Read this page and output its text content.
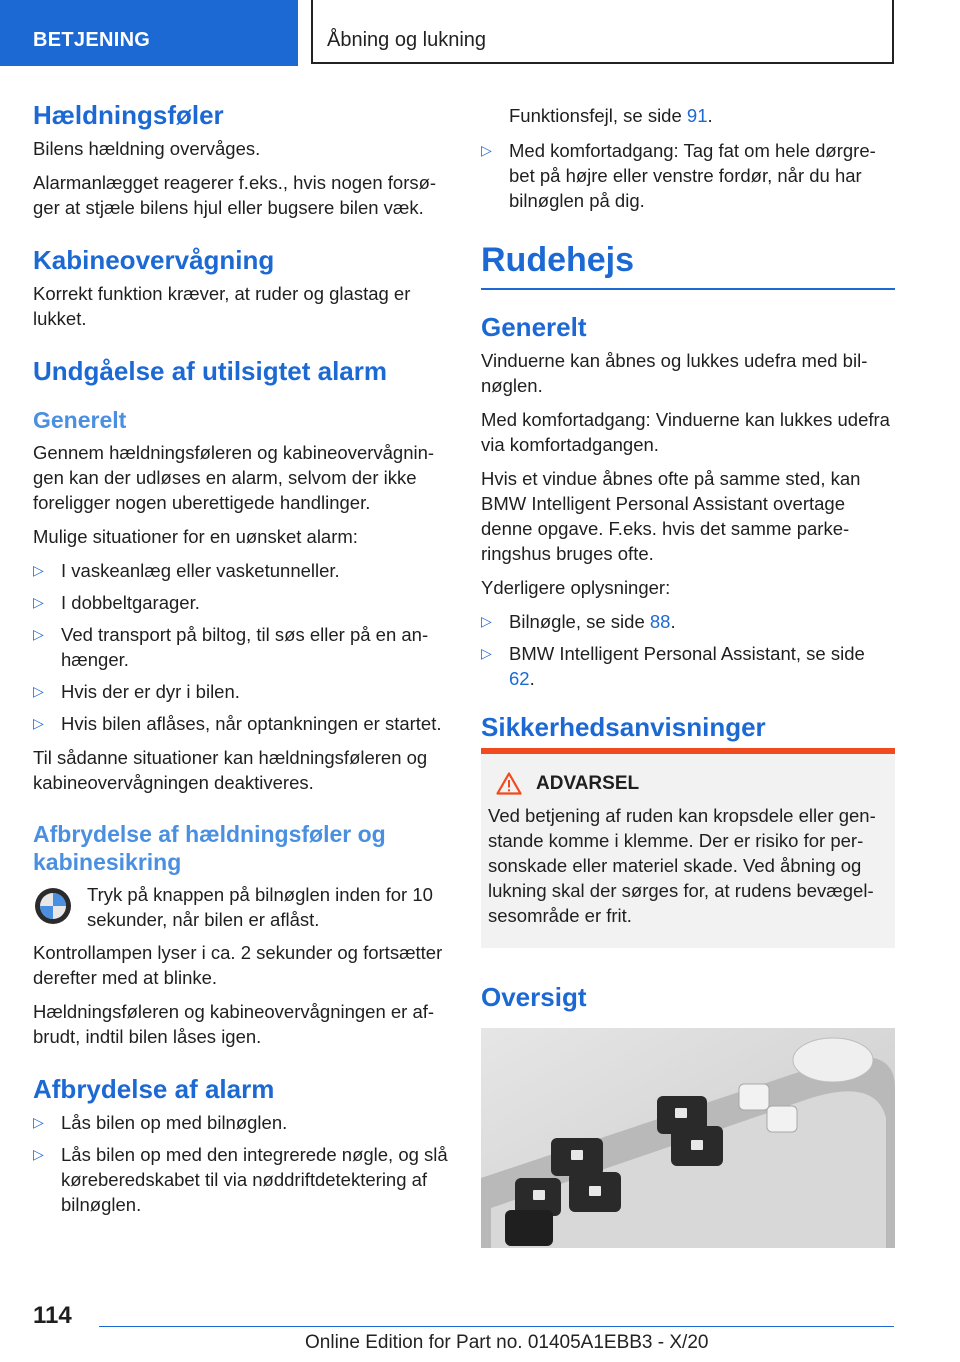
BETJENING	Åbning og lukning
Hældningsføler

Bilens hældning overvåges.

Alarmanlægget reagerer f.eks., hvis nogen forsøger at stjæle bilens hjul eller bugsere bilen væk.

Kabineovervågning

Korrekt funktion kræver, at ruder og glastag er lukket.

Undgåelse af utilsigtet alarm
Generelt

Gennem hældningsføleren og kabineovervågningen kan der udløses en alarm, selvom der ikke foreligger nogen uberettigede handlinger.

Mulige situationer for en uønsket alarm:

▷ I vaskeanlæg eller vasketunneller.
▷ I dobbeltgarager.
▷ Ved transport på biltog, til søs eller på en anhænger.
▷ Hvis der er dyr i bilen.
▷ Hvis bilen aflåses, når optankningen er startet.

Til sådanne situationer kan hældningsføleren og kabineovervågningen deaktiveres.

Afbrydelse af hældningsføler og kabinesikring

Tryk på knappen på bilnøglen inden for 10 sekunder, når bilen er aflåst.

Kontrollampen lyser i ca. 2 sekunder og fortsætter derefter med at blinke.

Hældningsføleren og kabineovervågningen er afbrudt, indtil bilen låses igen.

Afbrydelse af alarm
▷ Lås bilen op med bilnøglen.
▷ Lås bilen op med den integrerede nøgle, og slå køreberedskabet til via nøddriftdetektering af bilnøglen.

Funktionsfejl, se side 91.

▷ Med komfortadgang: Tag fat om hele dørgrebet på højre eller venstre fordør, når du har bilnøglen på dig.
Rudehejs
Generelt

Vinduerne kan åbnes og lukkes udefra med bilnøglen.

Med komfortadgang: Vinduerne kan lukkes udefra via komfortadgangen.

Hvis et vindue åbnes ofte på samme sted, kan BMW Intelligent Personal Assistant overtage denne opgave. F.eks. hvis det samme parkeringshus bruges ofte.

Yderligere oplysninger:

▷ Bilnøgle, se side 88.
▷ BMW Intelligent Personal Assistant, se side 62.
Sikkerhedsanvisninger
ADVARSEL

Ved betjening af ruden kan kropsdele eller genstande komme i klemme. Der er risiko for personskade eller materiel skade. Ved åbning og lukning skal der sørges for, at rudens bevægelsesområde er frit.

Oversigt
114
Online Edition for Part no. 01405A1EBB3 - X/20
